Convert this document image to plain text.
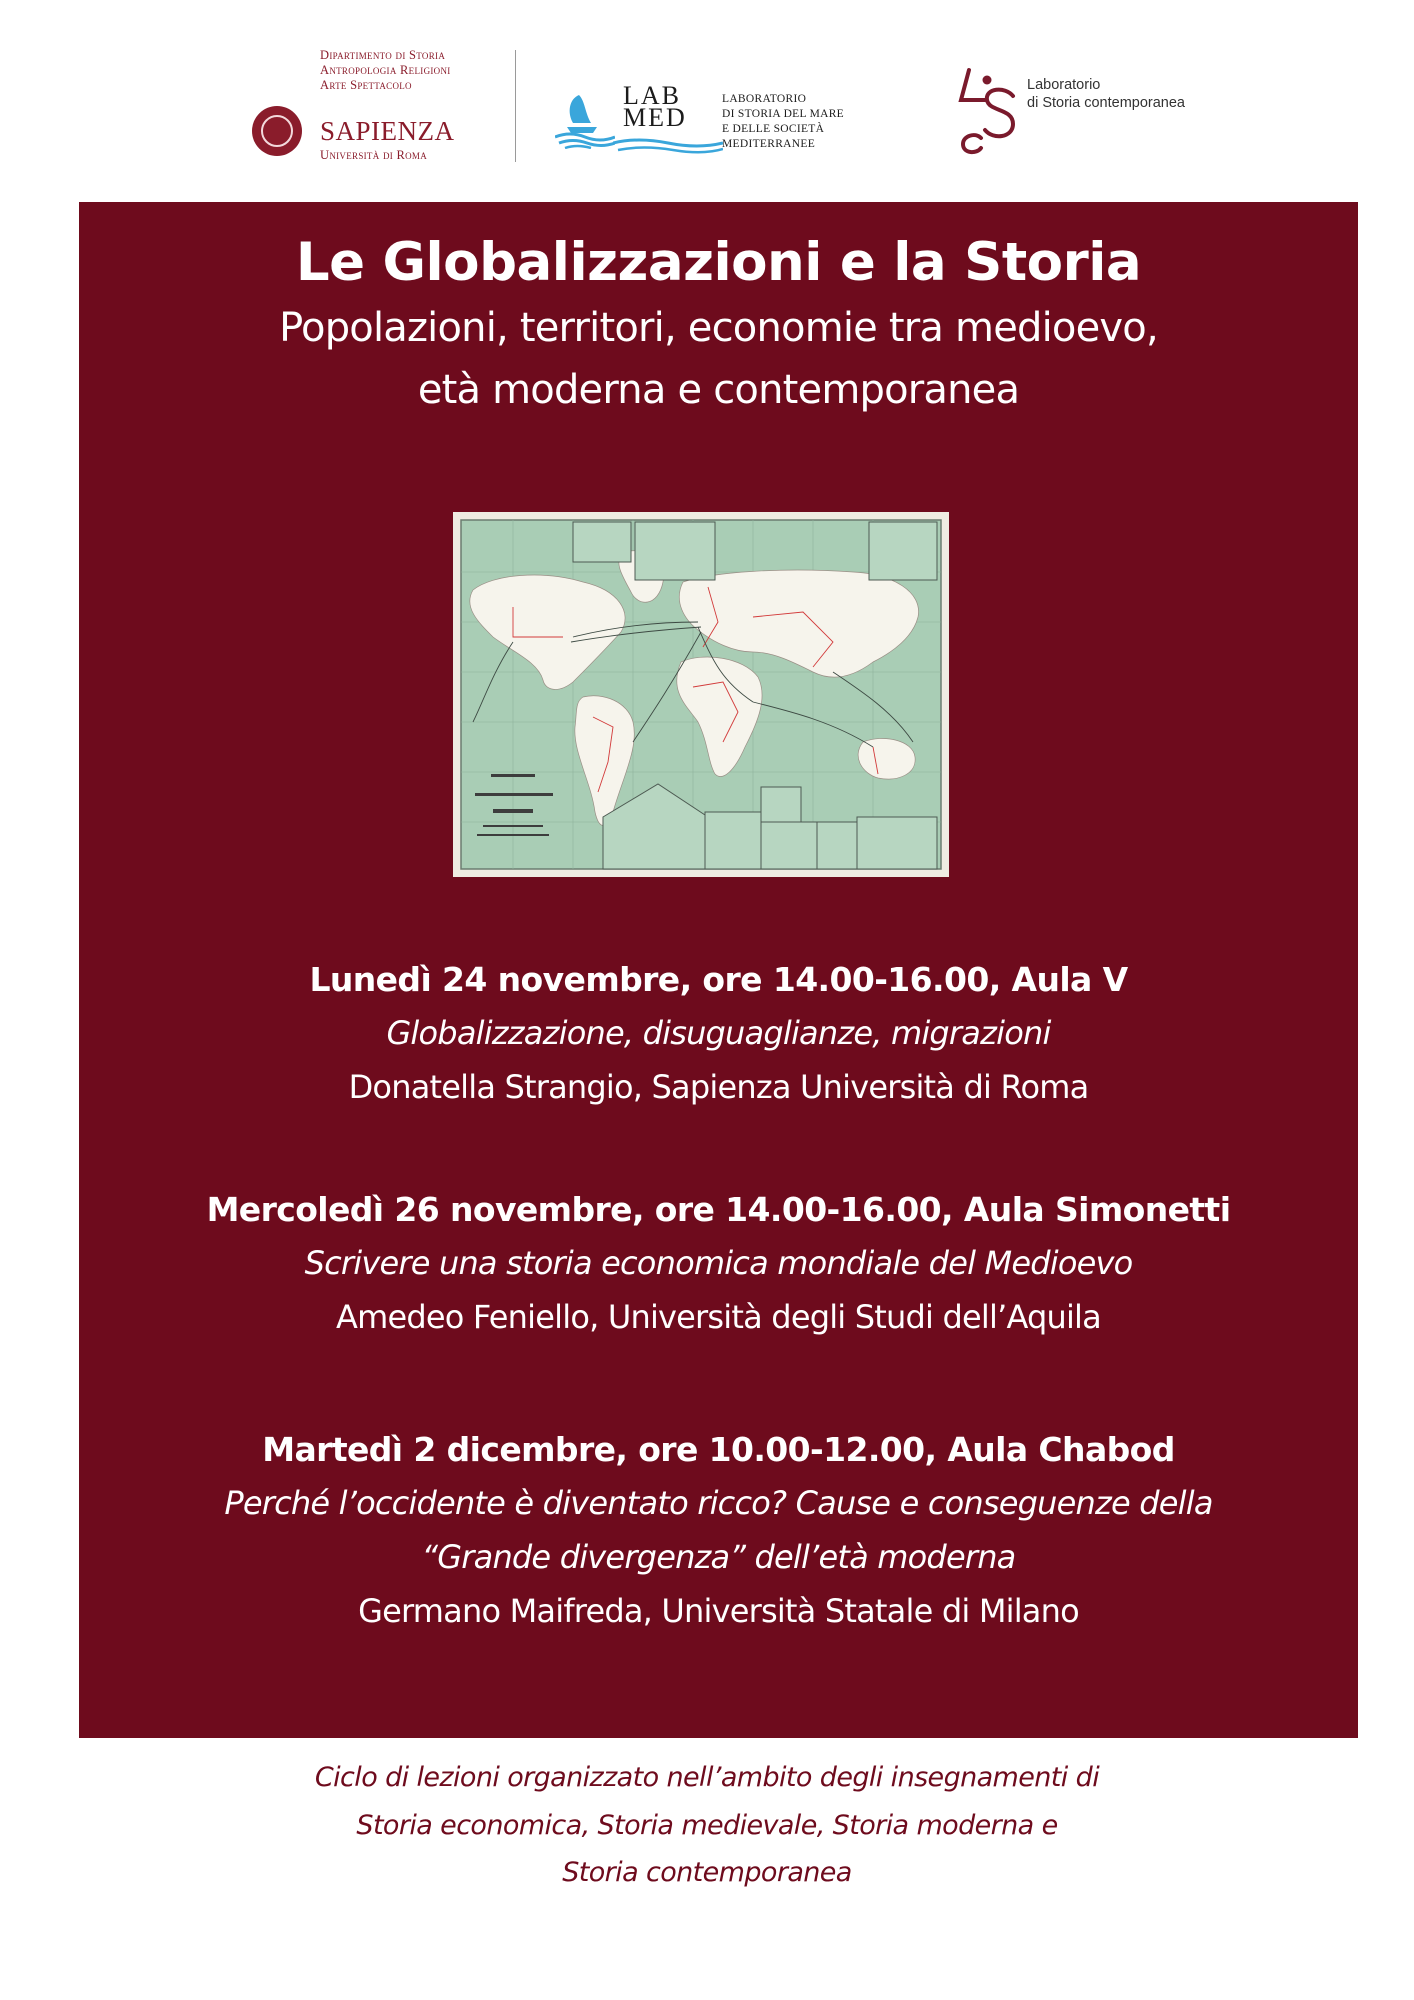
Dipartimento di Storia
Antropologia Religioni
Arte Spettacolo
SAPIENZA
Università di Roma
LAB
MED
LABORATORIO
DI STORIA DEL MARE
E DELLE SOCIETÀ
MEDITERRANEE
Laboratorio
di Storia contemporanea
Le Globalizzazioni e la Storia
Popolazioni, territori, economie tra medioevo,
età moderna e contemporanea
Lunedì 24 novembre, ore 14.00-16.00, Aula V
Globalizzazione, disuguaglianze, migrazioni
Donatella Strangio, Sapienza Università di Roma
Mercoledì 26 novembre, ore 14.00-16.00, Aula Simonetti
Scrivere una storia economica mondiale del Medioevo
Amedeo Feniello, Università degli Studi dell’Aquila
Martedì 2 dicembre, ore 10.00-12.00, Aula Chabod
Perché l’occidente è diventato ricco? Cause e conseguenze della
“Grande divergenza” dell’età moderna
Germano Maifreda, Università Statale di Milano
Ciclo di lezioni organizzato nell’ambito degli insegnamenti di
Storia economica, Storia medievale, Storia moderna e
Storia contemporanea
